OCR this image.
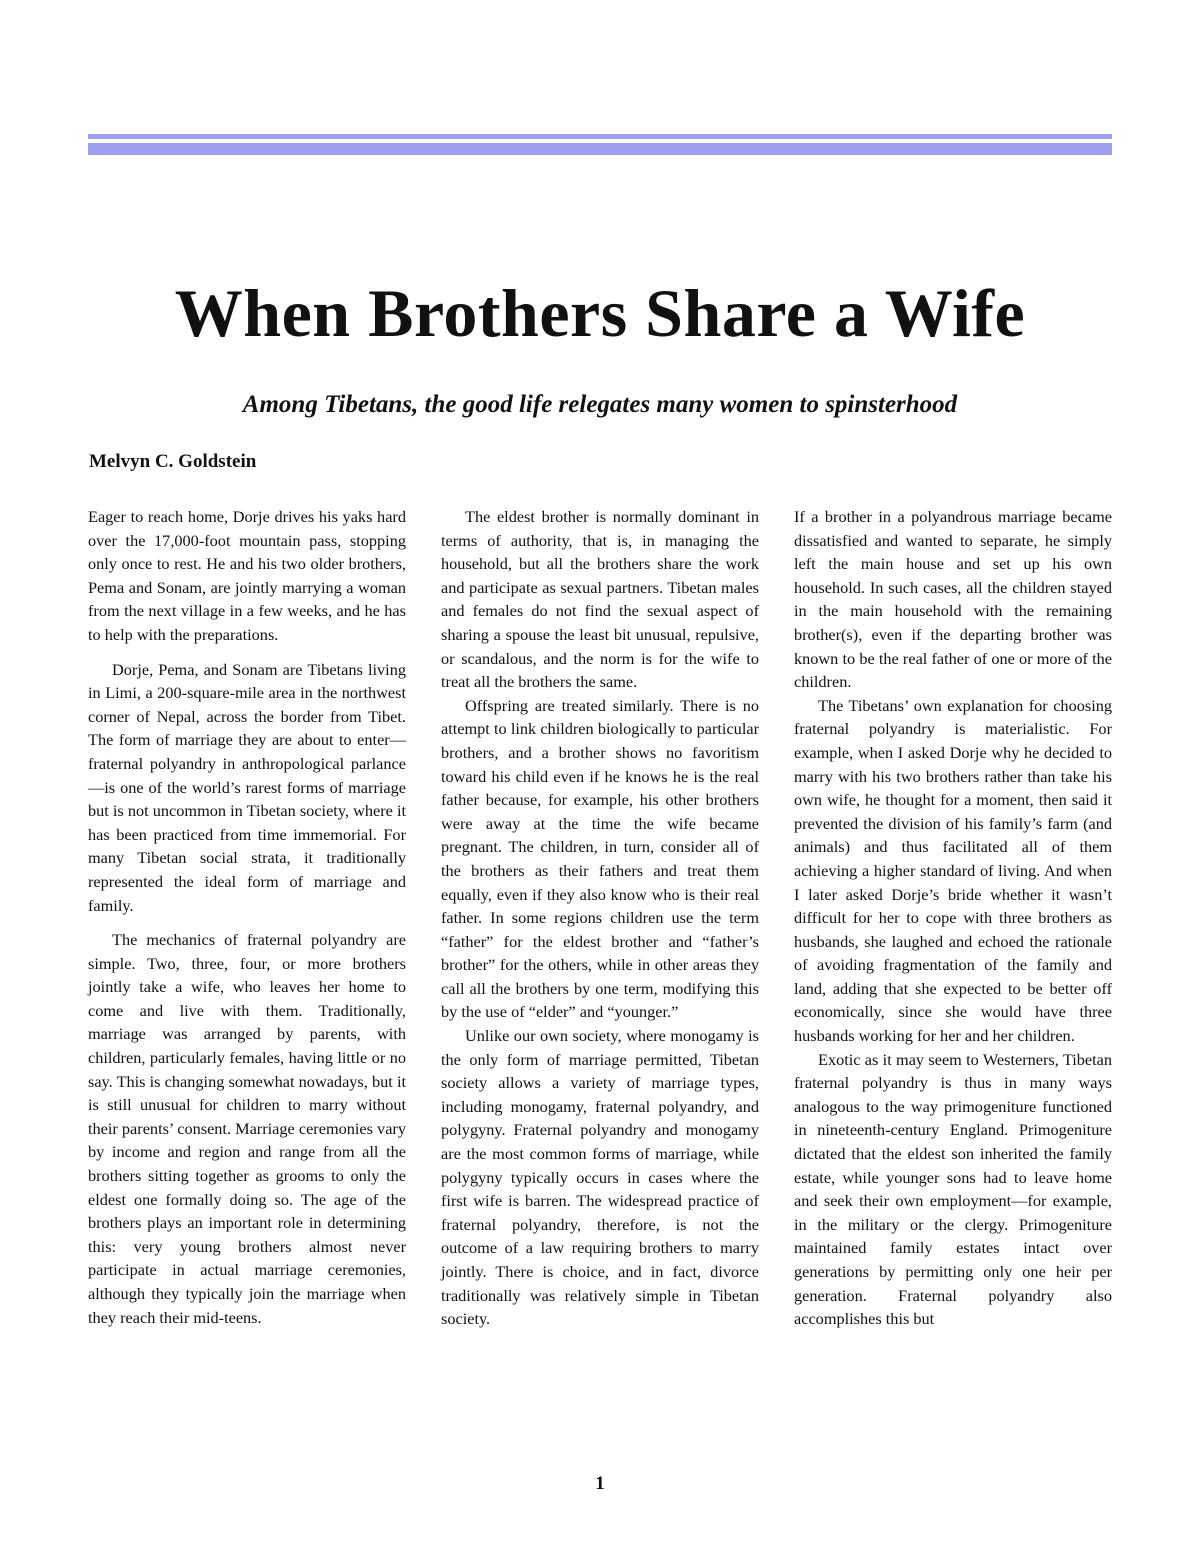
When Brothers Share a Wife
Among Tibetans, the good life relegates many women to spinsterhood
Melvyn C. Goldstein

Eager to reach home, Dorje drives his yaks hard over the 17,000-foot mountain pass, stopping only once to rest. He and his two older brothers, Pema and Sonam, are jointly marrying a woman from the next village in a few weeks, and he has to help with the preparations.

Dorje, Pema, and Sonam are Tibetans living in Limi, a 200-square-mile area in the northwest corner of Nepal, across the border from Tibet. The form of marriage they are about to enter—fraternal polyandry in anthropological parlance—is one of the world’s rarest forms of marriage but is not uncommon in Tibetan society, where it has been practiced from time immemorial. For many Tibetan social strata, it traditionally represented the ideal form of marriage and family.

The mechanics of fraternal polyandry are simple. Two, three, four, or more brothers jointly take a wife, who leaves her home to come and live with them. Traditionally, marriage was arranged by parents, with children, particularly females, having little or no say. This is changing somewhat nowadays, but it is still unusual for children to marry without their parents’ consent. Marriage ceremonies vary by income and region and range from all the brothers sitting together as grooms to only the eldest one formally doing so. The age of the brothers plays an important role in determining this: very young brothers almost never participate in actual marriage ceremonies, although they typically join the marriage when they reach their mid-teens.

The eldest brother is normally dominant in terms of authority, that is, in managing the household, but all the brothers share the work and participate as sexual partners. Tibetan males and females do not find the sexual aspect of sharing a spouse the least bit unusual, repulsive, or scandalous, and the norm is for the wife to treat all the brothers the same.

Offspring are treated similarly. There is no attempt to link children biologically to particular brothers, and a brother shows no favoritism toward his child even if he knows he is the real father because, for example, his other brothers were away at the time the wife became pregnant. The children, in turn, consider all of the brothers as their fathers and treat them equally, even if they also know who is their real father. In some regions children use the term “father” for the eldest brother and “father’s brother” for the others, while in other areas they call all the brothers by one term, modifying this by the use of “elder” and “younger.”

Unlike our own society, where monogamy is the only form of marriage permitted, Tibetan society allows a variety of marriage types, including monogamy, fraternal polyandry, and polygyny. Fraternal polyandry and monogamy are the most common forms of marriage, while polygyny typically occurs in cases where the first wife is barren. The widespread practice of fraternal polyandry, therefore, is not the outcome of a law requiring brothers to marry jointly. There is choice, and in fact, divorce traditionally was relatively simple in Tibetan society.

If a brother in a polyandrous marriage became dissatisfied and wanted to separate, he simply left the main house and set up his own household. In such cases, all the children stayed in the main household with the remaining brother(s), even if the departing brother was known to be the real father of one or more of the children.

The Tibetans’ own explanation for choosing fraternal polyandry is materialistic. For example, when I asked Dorje why he decided to marry with his two brothers rather than take his own wife, he thought for a moment, then said it prevented the division of his family’s farm (and animals) and thus facilitated all of them achieving a higher standard of living. And when I later asked Dorje’s bride whether it wasn’t difficult for her to cope with three brothers as husbands, she laughed and echoed the rationale of avoiding fragmentation of the family and land, adding that she expected to be better off economically, since she would have three husbands working for her and her children.

Exotic as it may seem to Westerners, Tibetan fraternal polyandry is thus in many ways analogous to the way primogeniture functioned in nineteenth-century England. Primogeniture dictated that the eldest son inherited the family estate, while younger sons had to leave home and seek their own employment—for example, in the military or the clergy. Primogeniture maintained family estates intact over generations by permitting only one heir per generation. Fraternal polyandry also accomplishes this but

1
